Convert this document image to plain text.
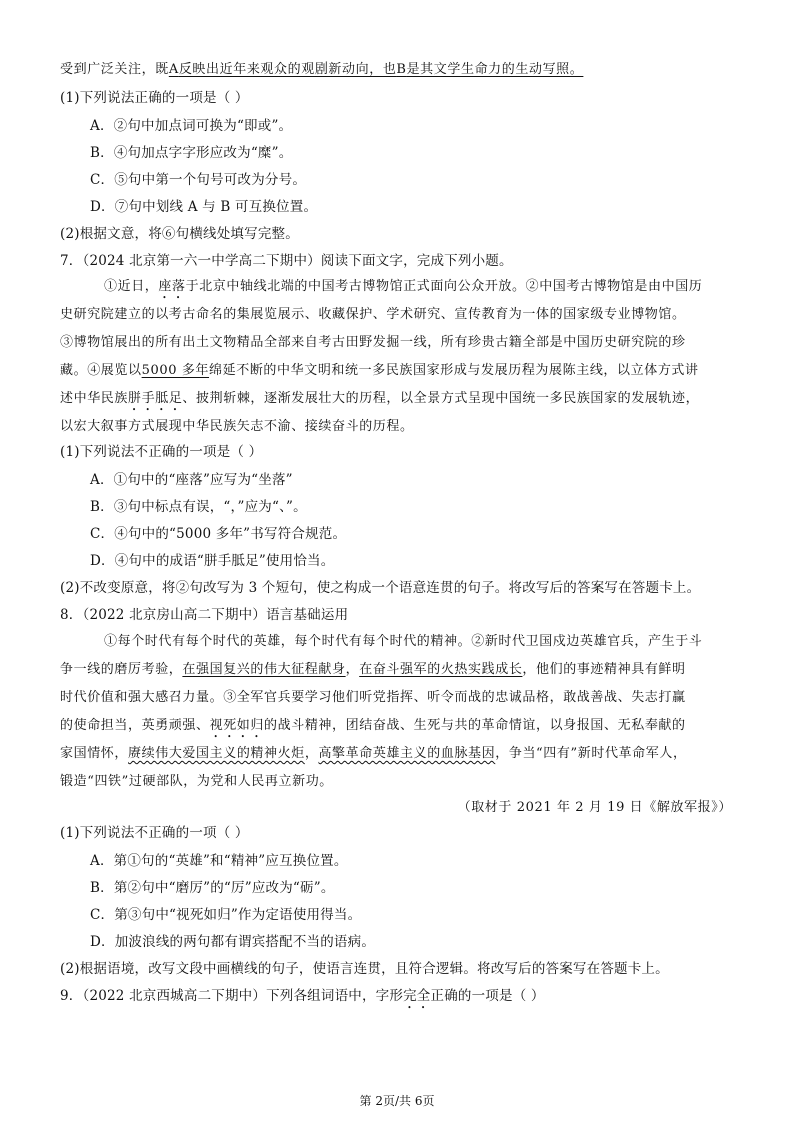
受到广泛关注，既A反映出近年来观众的观剧新动向，也B是其文学生命力的生动写照。
(1)下列说法正确的一项是（ ）
A．②句中加点词可换为“即或”。
B．④句加点字字形应改为“糜”。
C．⑤句中第一个句号可改为分号。
D．⑦句中划线 A 与 B 可互换位置。
(2)根据文意，将⑥句横线处填写完整。
7．（2024 北京第一六一中学高二下期中）阅读下面文字，完成下列小题。
①近日，座落于北京中轴线北端的中国考古博物馆正式面向公众开放。②中国考古博物馆是由中国历
史研究院建立的以考古命名的集展览展示、收藏保护、学术研究、宣传教育为一体的国家级专业博物馆。
③博物馆展出的所有出土文物精品全部来自考古田野发掘一线，所有珍贵古籍全部是中国历史研究院的珍
藏。④展览以5000 多年绵延不断的中华文明和统一多民族国家形成与发展历程为展陈主线，以立体方式讲
述中华民族胼手胝足、披荆斩棘，逐渐发展壮大的历程，以全景方式呈现中国统一多民族国家的发展轨迹，
以宏大叙事方式展现中华民族矢志不渝、接续奋斗的历程。
(1)下列说法不正确的一项是（ ）
A．①句中的“座落”应写为“坐落”
B．③句中标点有误，“，”应为“、”。
C．④句中的“5000 多年”书写符合规范。
D．④句中的成语“胼手胝足”使用恰当。
(2)不改变原意，将②句改写为 3 个短句，使之构成一个语意连贯的句子。将改写后的答案写在答题卡上。
8．（2022 北京房山高二下期中）语言基础运用
①每个时代有每个时代的英雄，每个时代有每个时代的精神。②新时代卫国戍边英雄官兵，产生于斗
争一线的磨厉考验，在强国复兴的伟大征程献身，在奋斗强军的火热实践成长，他们的事迹精神具有鲜明
时代价值和强大感召力量。③全军官兵要学习他们听党指挥、听令而战的忠诚品格，敢战善战、失志打赢
的使命担当，英勇顽强、视死如归的战斗精神，团结奋战、生死与共的革命情谊，以身报国、无私奉献的
家国情怀，赓续伟大爱国主义的精神火炬，高擎革命英雄主义的血脉基因，争当“四有”新时代革命军人，
锻造“四铁”过硬部队，为党和人民再立新功。
（取材于 2021 年 2 月 19 日《解放军报》）
(1)下列说法不正确的一项（ ）
A．第①句的“英雄”和“精神”应互换位置。
B．第②句中“磨厉”的“厉”应改为“砺”。
C．第③句中“视死如归”作为定语使用得当。
D．加波浪线的两句都有谓宾搭配不当的语病。
(2)根据语境，改写文段中画横线的句子，使语言连贯，且符合逻辑。将改写后的答案写在答题卡上。
9．（2022 北京西城高二下期中）下列各组词语中，字形完全正确的一项是（ ）
第 2页/共 6页
